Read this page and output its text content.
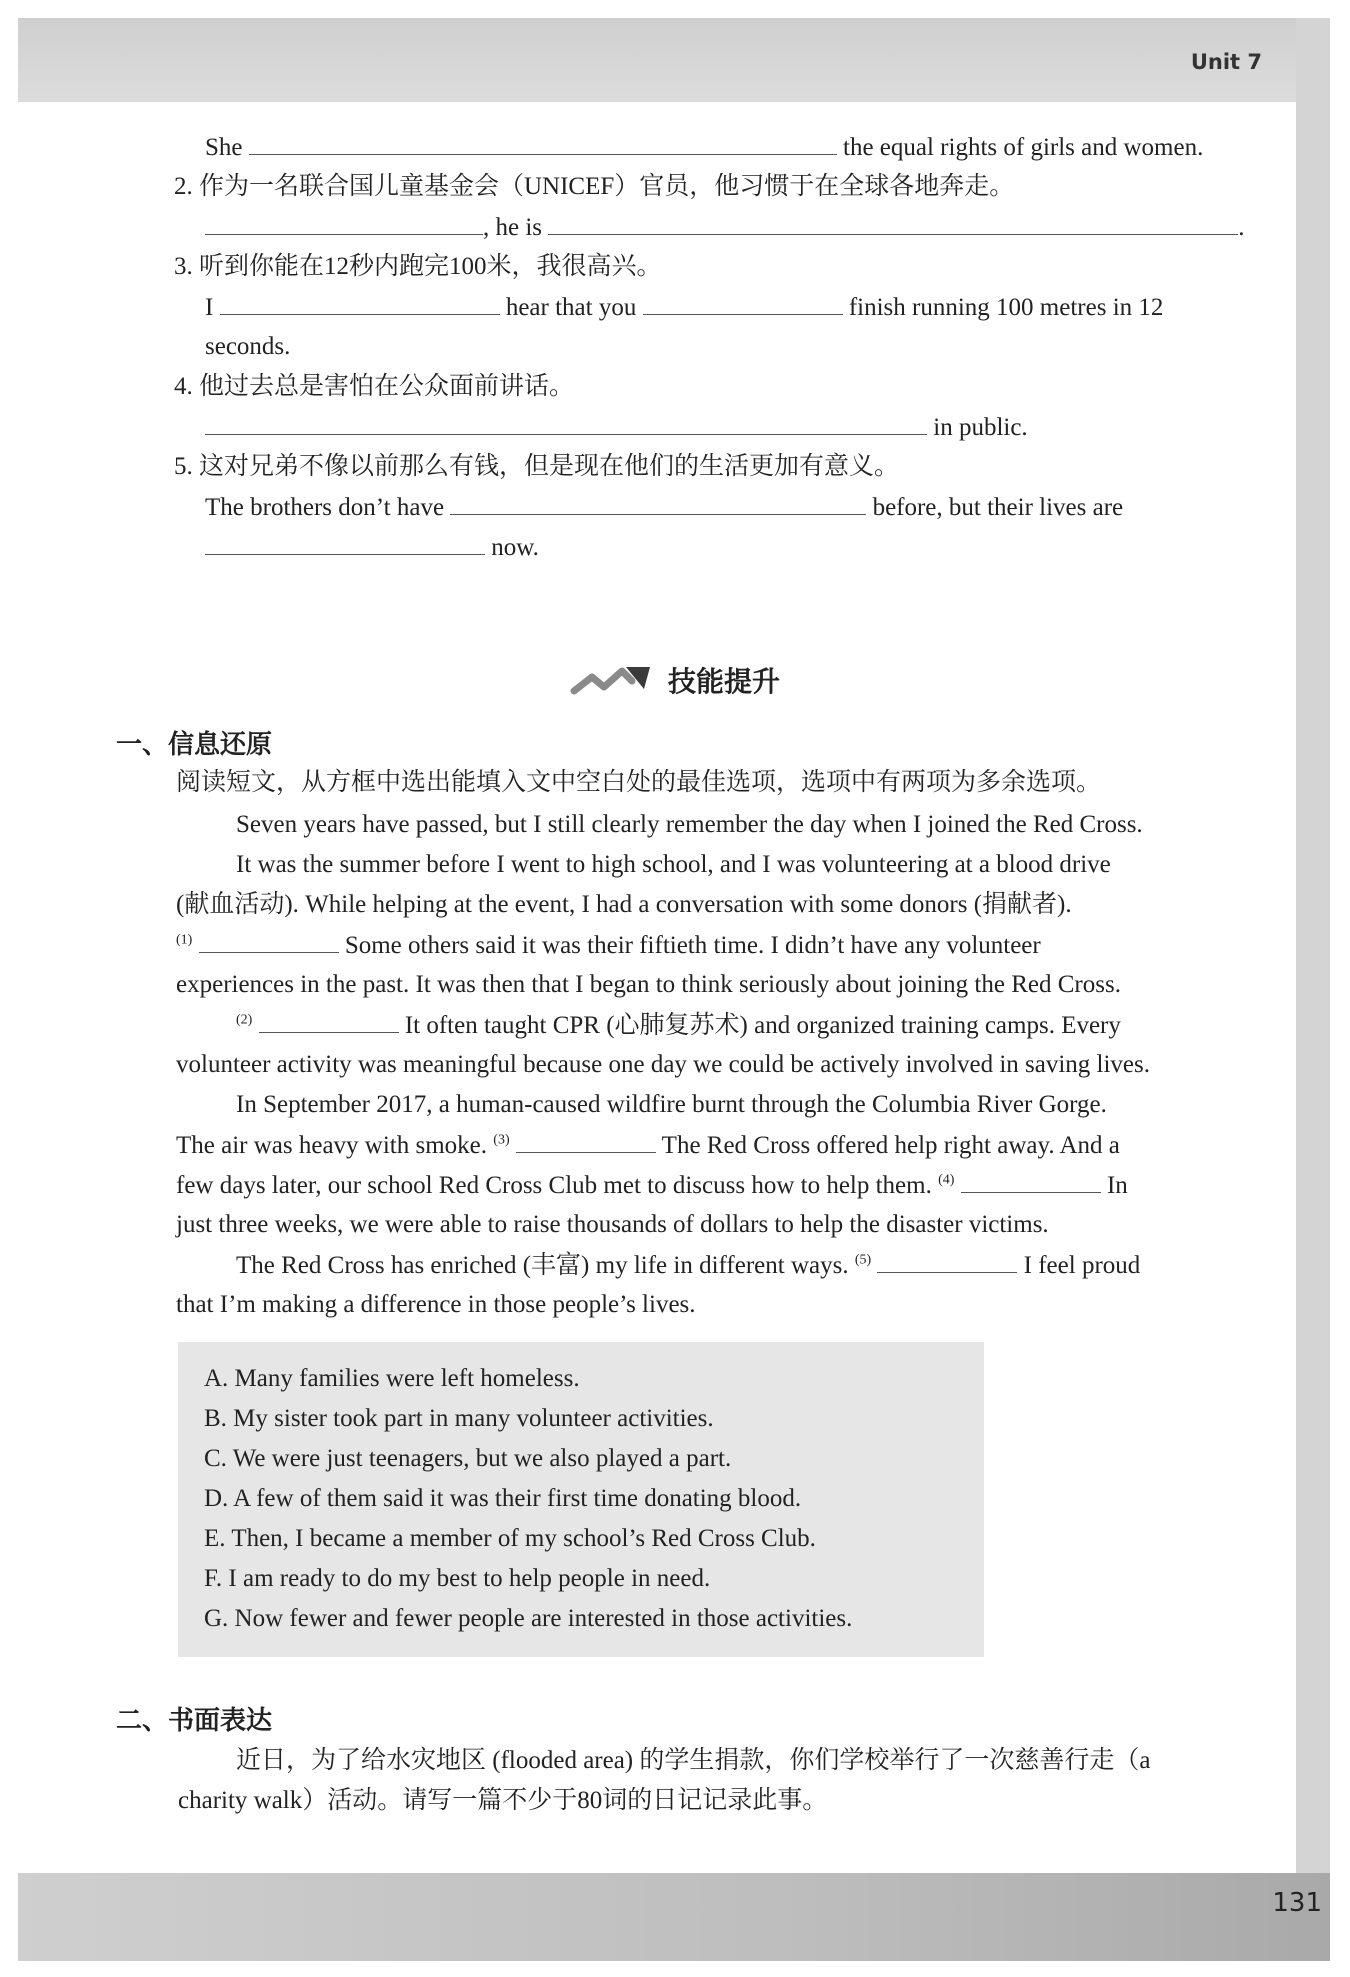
Unit 7
131
She	the equal rights of girls and women.
2. 作为一名联合国儿童基金会（UNICEF）官员，他习惯于在全球各地奔走。
, he is	.
3. 听到你能在12秒内跑完100米，我很高兴。
I	hear that you	finish running 100 metres in 12
seconds.
4. 他过去总是害怕在公众面前讲话。
in public.
5. 这对兄弟不像以前那么有钱，但是现在他们的生活更加有意义。
The brothers don’t have	before, but their lives are
now.
技能提升
一、信息还原
阅读短文，从方框中选出能填入文中空白处的最佳选项，选项中有两项为多余选项。
Seven years have passed, but I still clearly remember the day when I joined the Red Cross.
It was the summer before I went to high school, and I was volunteering at a blood drive
(献血活动). While helping at the event, I had a conversation with some donors (捐献者).
$^{(1)}$	Some others said it was their fiftieth time. I didn’t have any volunteer
experiences in the past. It was then that I began to think seriously about joining the Red Cross.
$^{(2)}$	It often taught CPR (心肺复苏术) and organized training camps. Every
volunteer activity was meaningful because one day we could be actively involved in saving lives.
In September 2017, a human-caused wildfire burnt through the Columbia River Gorge.
The air was heavy with smoke. $^{(3)}$	The Red Cross offered help right away. And a
few days later, our school Red Cross Club met to discuss how to help them. $^{(4)}$	In
just three weeks, we were able to raise thousands of dollars to help the disaster victims.
The Red Cross has enriched (丰富) my life in different ways. $^{(5)}$	I feel proud
that I’m making a difference in those people’s lives.
A. Many families were left homeless.
B. My sister took part in many volunteer activities.
C. We were just teenagers, but we also played a part.
D. A few of them said it was their first time donating blood.
E. Then, I became a member of my school’s Red Cross Club.
F. I am ready to do my best to help people in need.
G. Now fewer and fewer people are interested in those activities.
二、书面表达
近日，为了给水灾地区 (flooded area) 的学生捐款，你们学校举行了一次慈善行走（a
charity walk）活动。请写一篇不少于80词的日记记录此事。
